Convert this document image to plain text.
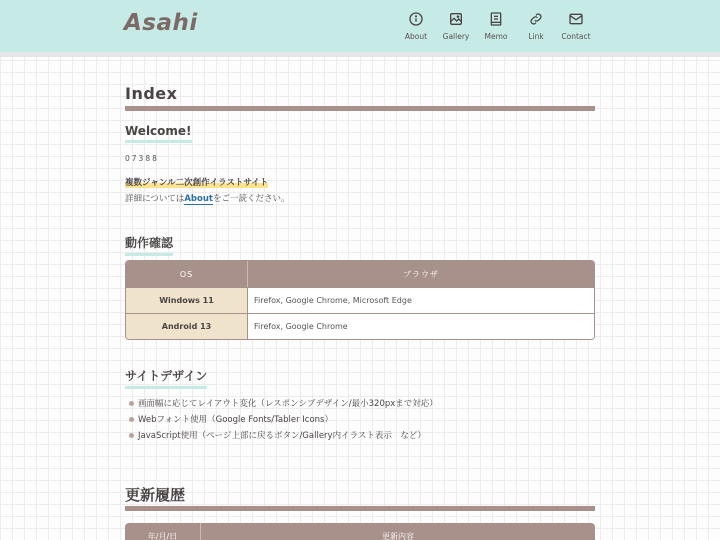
Asahi
About Gallery Memo	Link Contact
Index
Welcome!
07388
複数ジャンル二次創作イラストサイト
詳細についてはAboutをご一読ください。
動作確認
OS	ブラウザ
Windows 11	Firefox, Google Chrome, Microsoft Edge
Android 13	Firefox, Google Chrome
サイトデザイン
画面幅に応じてレイアウト変化（レスポンシブデザイン/最小320pxまで対応）
Webフォント使用（Google Fonts/Tabler Icons）
JavaScript使用（ページ上部に戻るボタン/Gallery内イラスト表示　など）
更新履歴
年/月/日	更新内容
